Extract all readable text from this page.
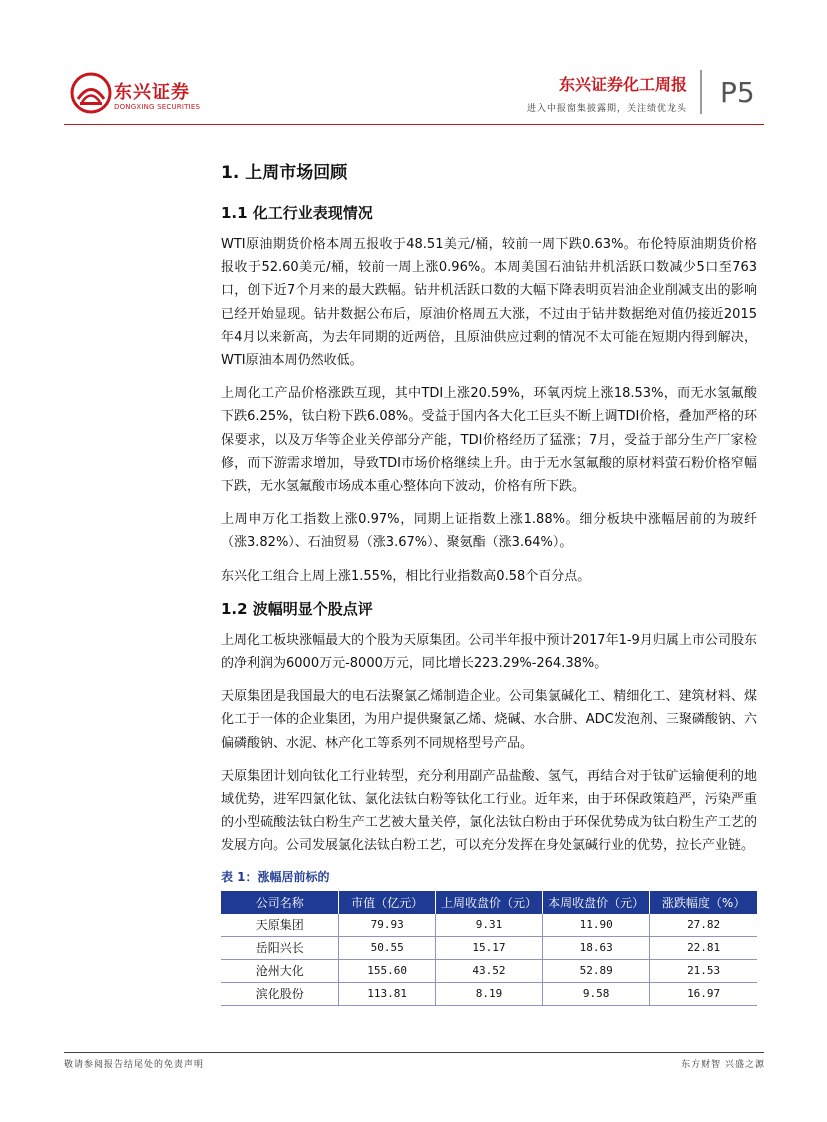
东兴证券
DONGXING SECURITIES
东兴证券化工周报
进入中报窗集披露期，关注绩优龙头 P5
1. 上周市场回顾
1.1 化工行业表现情况

WTI原油期货价格本周五报收于48.51美元/桶，较前一周下跌0.63%。布伦特原油期货价格报收于52.60美元/桶，较前一周上涨0.96%。本周美国石油钻井机活跃口数减少5口至763口，创下近7个月来的最大跌幅。钻井机活跃口数的大幅下降表明页岩油企业削减支出的影响已经开始显现。钻井数据公布后，原油价格周五大涨，不过由于钻井数据绝对值仍接近2015年4月以来新高，为去年同期的近两倍，且原油供应过剩的情况不太可能在短期内得到解决，WTI原油本周仍然收低。

上周化工产品价格涨跌互现，其中TDI上涨20.59%，环氧丙烷上涨18.53%，而无水氢氟酸下跌6.25%，钛白粉下跌6.08%。受益于国内各大化工巨头不断上调TDI价格，叠加严格的环保要求，以及万华等企业关停部分产能，TDI价格经历了猛涨；7月，受益于部分生产厂家检修，而下游需求增加，导致TDI市场价格继续上升。由于无水氢氟酸的原材料萤石粉价格窄幅下跌，无水氢氟酸市场成本重心整体向下波动，价格有所下跌。

上周申万化工指数上涨0.97%，同期上证指数上涨1.88%。细分板块中涨幅居前的为玻纤（涨3.82%）、石油贸易（涨3.67%）、聚氨酯（涨3.64%）。

东兴化工组合上周上涨1.55%，相比行业指数高0.58个百分点。

1.2 波幅明显个股点评

上周化工板块涨幅最大的个股为天原集团。公司半年报中预计2017年1-9月归属上市公司股东的净利润为6000万元-8000万元，同比增长223.29%-264.38%。

天原集团是我国最大的电石法聚氯乙烯制造企业。公司集氯碱化工、精细化工、建筑材料、煤化工于一体的企业集团，为用户提供聚氯乙烯、烧碱、水合肼、ADC发泡剂、三聚磷酸钠、六偏磷酸钠、水泥、林产化工等系列不同规格型号产品。

天原集团计划向钛化工行业转型，充分利用副产品盐酸、氢气，再结合对于钛矿运输便利的地域优势，进军四氯化钛、氯化法钛白粉等钛化工行业。近年来，由于环保政策趋严，污染严重的小型硫酸法钛白粉生产工艺被大量关停，氯化法钛白粉由于环保优势成为钛白粉生产工艺的发展方向。公司发展氯化法钛白粉工艺，可以充分发挥在身处氯碱行业的优势，拉长产业链。

表 1：涨幅居前标的
公司名称	市值（亿元）	上周收盘价（元）	本周收盘价（元）	涨跌幅度（%）
天原集团	79.93	9.31	11.90	27.82
岳阳兴长	50.55	15.17	18.63	22.81
沧州大化	155.60	43.52	52.89	21.53
滨化股份	113.81	8.19	9.58	16.97
敬请参阅报告结尾处的免责声明	东方财智 兴盛之源
